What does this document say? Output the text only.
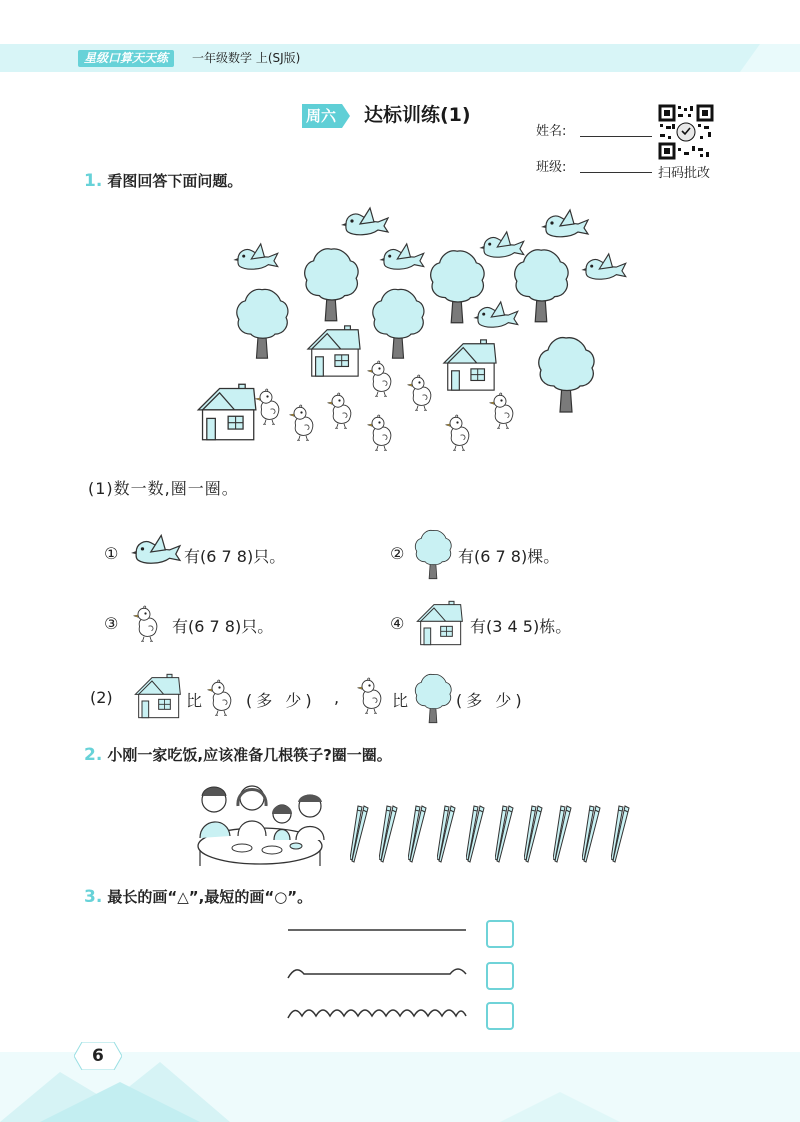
星级口算天天练	一年级数学 上(SJ版)
周六 达标训练(1)
姓名:
班级:	扫码批改
1. 看图回答下面问题。
(1)数一数,圈一圈。
①	有(6 7 8)只。	②	有(6 7 8)棵。
③	有(6 7 8)只。	④	有(3 4 5)栋。
(2)	比	(多 少) ,	比	(多 少)
2. 小刚一家吃饭,应该准备几根筷子?圈一圈。
3. 最长的画“△”,最短的画“○”。
6
